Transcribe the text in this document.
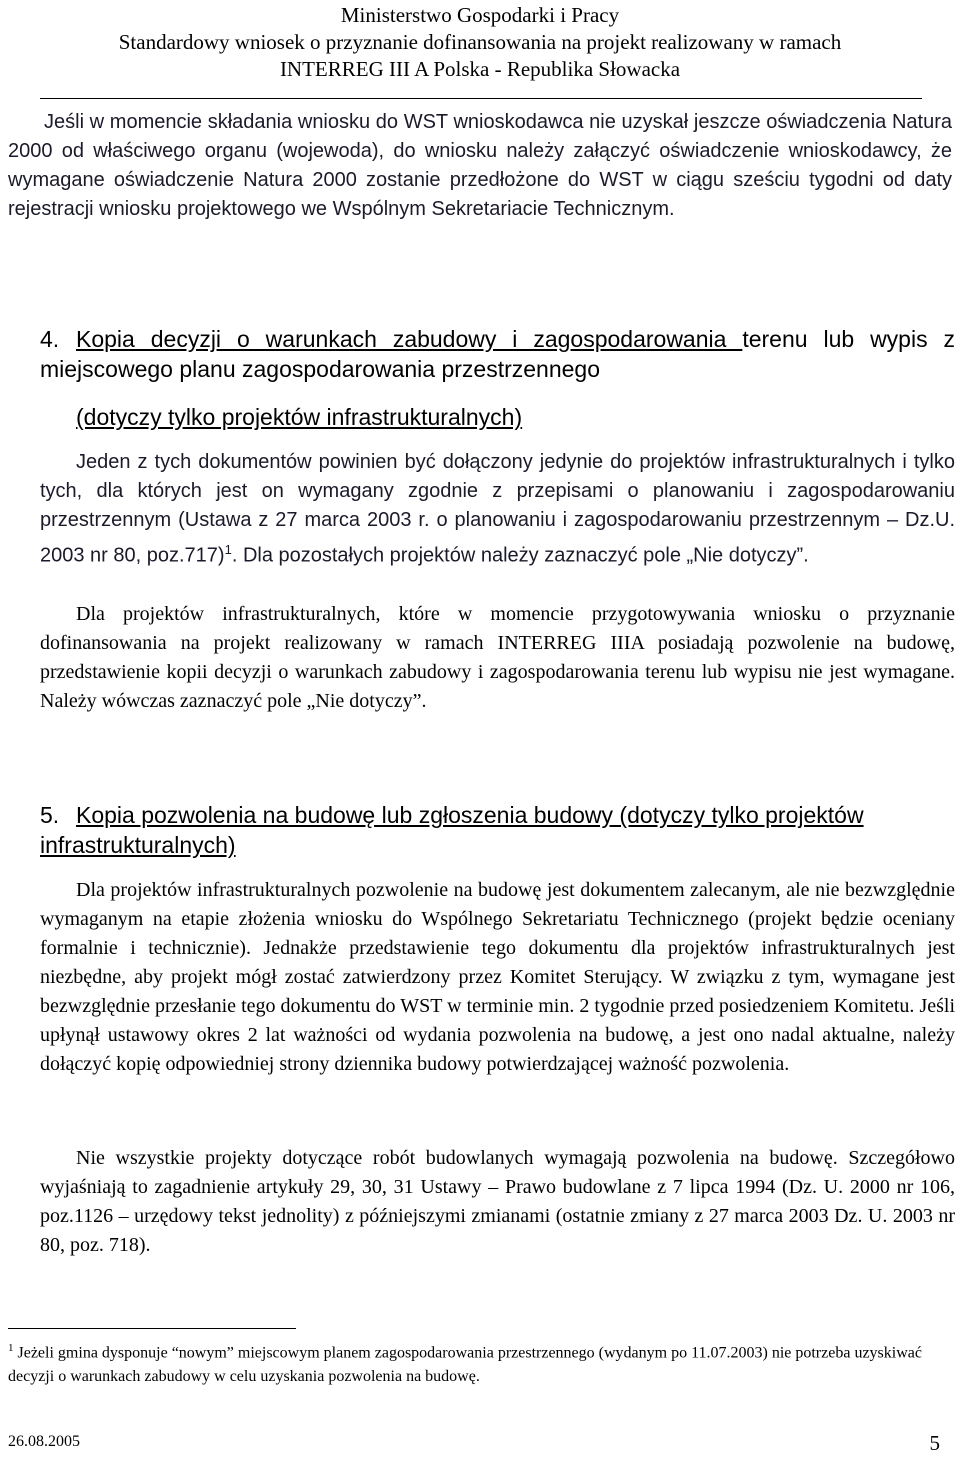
Ministerstwo Gospodarki i Pracy
Standardowy wniosek o przyznanie dofinansowania na projekt realizowany w ramach
INTERREG III A Polska - Republika Słowacka

Jeśli w momencie składania wniosku do WST wnioskodawca nie uzyskał jeszcze oświadczenia Natura 2000 od właściwego organu (wojewoda), do wniosku należy załączyć oświadczenie wnioskodawcy, że wymagane oświadczenie Natura 2000 zostanie przedłożone do WST w ciągu sześciu tygodni od daty rejestracji wniosku projektowego we Wspólnym Sekretariacie Technicznym.

4. Kopia decyzji o warunkach zabudowy i zagospodarowania terenu lub wypis z miejscowego planu zagospodarowania przestrzennego
(dotyczy tylko projektów infrastrukturalnych)

Jeden z tych dokumentów powinien być dołączony jedynie do projektów infrastrukturalnych i tylko tych, dla których jest on wymagany zgodnie z przepisami o planowaniu i zagospodarowaniu przestrzennym (Ustawa z 27 marca 2003 r. o planowaniu i zagospodarowaniu przestrzennym – Dz.U. 2003 nr 80, poz.717)$^1$. Dla pozostałych projektów należy zaznaczyć pole „Nie dotyczy”.

Dla projektów infrastrukturalnych, które w momencie przygotowywania wniosku o przyznanie dofinansowania na projekt realizowany w ramach INTERREG IIIA posiadają pozwolenie na budowę, przedstawienie kopii decyzji o warunkach zabudowy i zagospodarowania terenu lub wypisu nie jest wymagane. Należy wówczas zaznaczyć pole „Nie dotyczy”.

5. Kopia pozwolenia na budowę lub zgłoszenia budowy (dotyczy tylko projektów infrastrukturalnych)

Dla projektów infrastrukturalnych pozwolenie na budowę jest dokumentem zalecanym, ale nie bezwzględnie wymaganym na etapie złożenia wniosku do Wspólnego Sekretariatu Technicznego (projekt będzie oceniany formalnie i technicznie). Jednakże przedstawienie tego dokumentu dla projektów infrastrukturalnych jest niezbędne, aby projekt mógł zostać zatwierdzony przez Komitet Sterujący. W związku z tym, wymagane jest bezwzględnie przesłanie tego dokumentu do WST w terminie min. 2 tygodnie przed posiedzeniem Komitetu. Jeśli upłynął ustawowy okres 2 lat ważności od wydania pozwolenia na budowę, a jest ono nadal aktualne, należy dołączyć kopię odpowiedniej strony dziennika budowy potwierdzającej ważność pozwolenia.

Nie wszystkie projekty dotyczące robót budowlanych wymagają pozwolenia na budowę. Szczegółowo wyjaśniają to zagadnienie artykuły 29, 30, 31 Ustawy – Prawo budowlane z 7 lipca 1994 (Dz. U. 2000 nr 106, poz.1126 – urzędowy tekst jednolity) z późniejszymi zmianami (ostatnie zmiany z 27 marca 2003 Dz. U. 2003 nr 80, poz. 718).

$^1$ Jeżeli gmina dysponuje “nowym” miejscowym planem zagospodarowania przestrzennego (wydanym po 11.07.2003) nie potrzeba uzyskiwać decyzji o warunkach zabudowy w celu uzyskania pozwolenia na budowę.
26.08.2005	5
